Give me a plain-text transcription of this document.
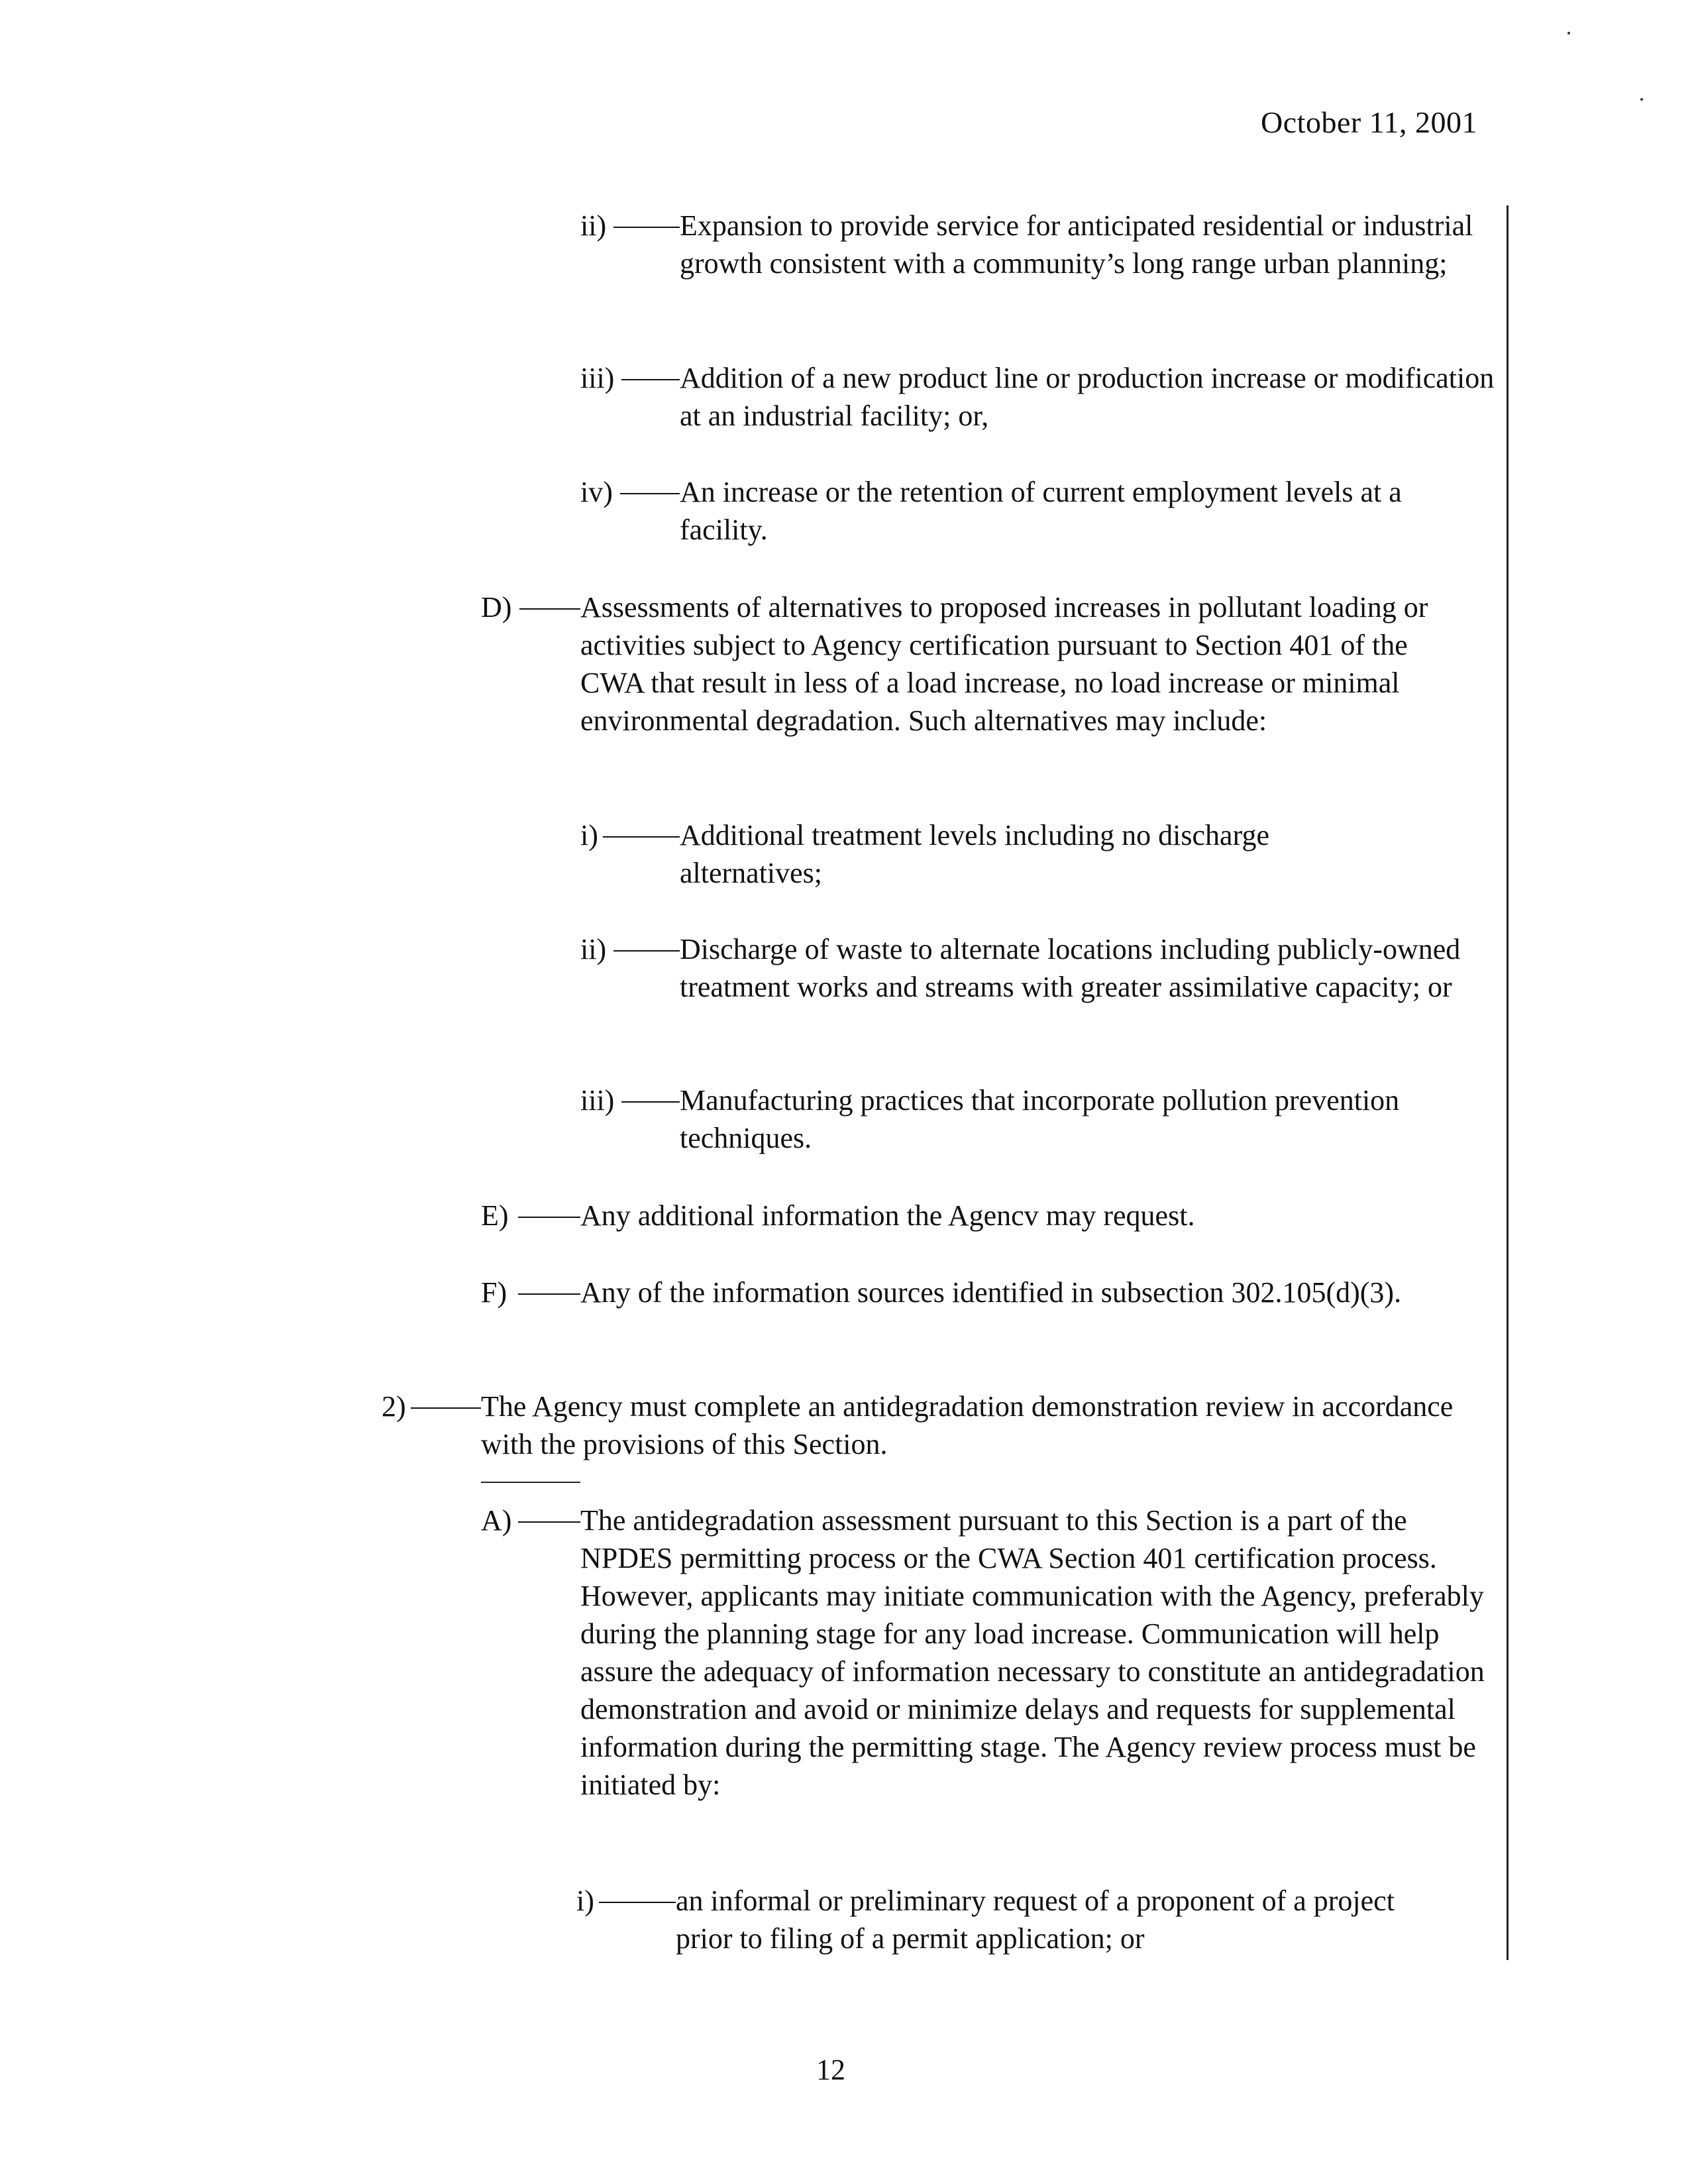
October 11, 2001
ii)	Expansion to provide service for anticipated residential or industrial growth consistent with a community’s long range urban planning;
iii) Addition of a new product line or production increase or modification at an industrial facility; or,
iv) An increase or the retention of current employment levels at a facility.
D) Assessments of alternatives to proposed increases in pollutant loading or activities subject to Agency certification pursuant to Section 401 of the CWA that result in less of a load increase, no load increase or minimal environmental degradation. Such alternatives may include:
i)	Additional treatment levels including no discharge alternatives;
ii)	Discharge of waste to alternate locations including publicly-owned treatment works and streams with greater assimilative capacity; or
iii) Manufacturing practices that incorporate pollution prevention techniques.
E) Any additional information the Agencv may request.
F)	Any of the information sources identified in subsection 302.105(d)(3).
2)	The Agency must complete an antidegradation demonstration review in accordance with the provisions of this Section.
A) The antidegradation assessment pursuant to this Section is a part of the NPDES permitting process or the CWA Section 401 certification process. However, applicants may initiate communication with the Agency, preferably during the planning stage for any load increase. Communication will help assure the adequacy of information necessary to constitute an antidegradation demonstration and avoid or minimize delays and requests for supplemental information during the permitting stage. The Agency review process must be initiated by:
i)	an informal or preliminary request of a proponent of a project prior to filing of a permit application; or
12
